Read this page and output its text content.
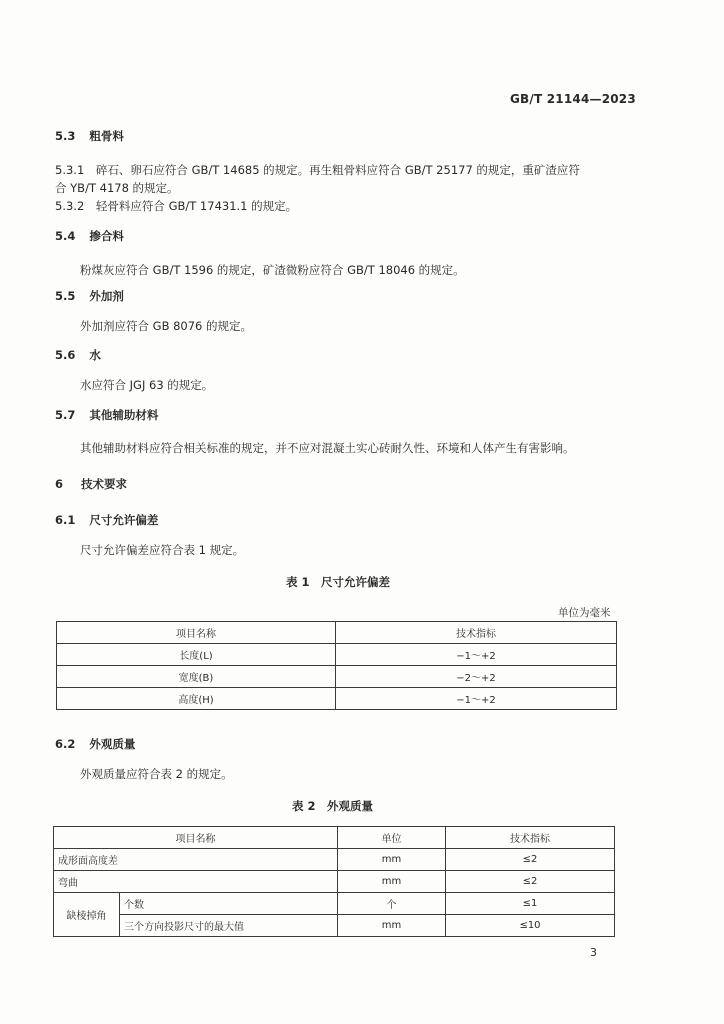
GB/T 21144—2023
5.3 粗骨料
5.3.1 碎石、卵石应符合 GB/T 14685 的规定。再生粗骨料应符合 GB/T 25177 的规定，重矿渣应符
合 YB/T 4178 的规定。
5.3.2 轻骨料应符合 GB/T 17431.1 的规定。
5.4 掺合料
粉煤灰应符合 GB/T 1596 的规定，矿渣微粉应符合 GB/T 18046 的规定。
5.5 外加剂
外加剂应符合 GB 8076 的规定。
5.6 水
水应符合 JGJ 63 的规定。
5.7 其他辅助材料
其他辅助材料应符合相关标准的规定，并不应对混凝土实心砖耐久性、环境和人体产生有害影响。
6 技术要求
6.1 尺寸允许偏差
尺寸允许偏差应符合表 1 规定。
表 1　尺寸允许偏差
单位为毫米
项目名称	技术指标
长度(L)	−1～+2
宽度(B)	−2～+2
高度(H)	−1～+2
6.2 外观质量
外观质量应符合表 2 的规定。
表 2　外观质量
项目名称		单位	技术指标
成形面高度差		mm	≤2
弯曲		mm	≤2
缺棱掉角	个数	个	≤1
	三个方向投影尺寸的最大值	mm	≤10
3
